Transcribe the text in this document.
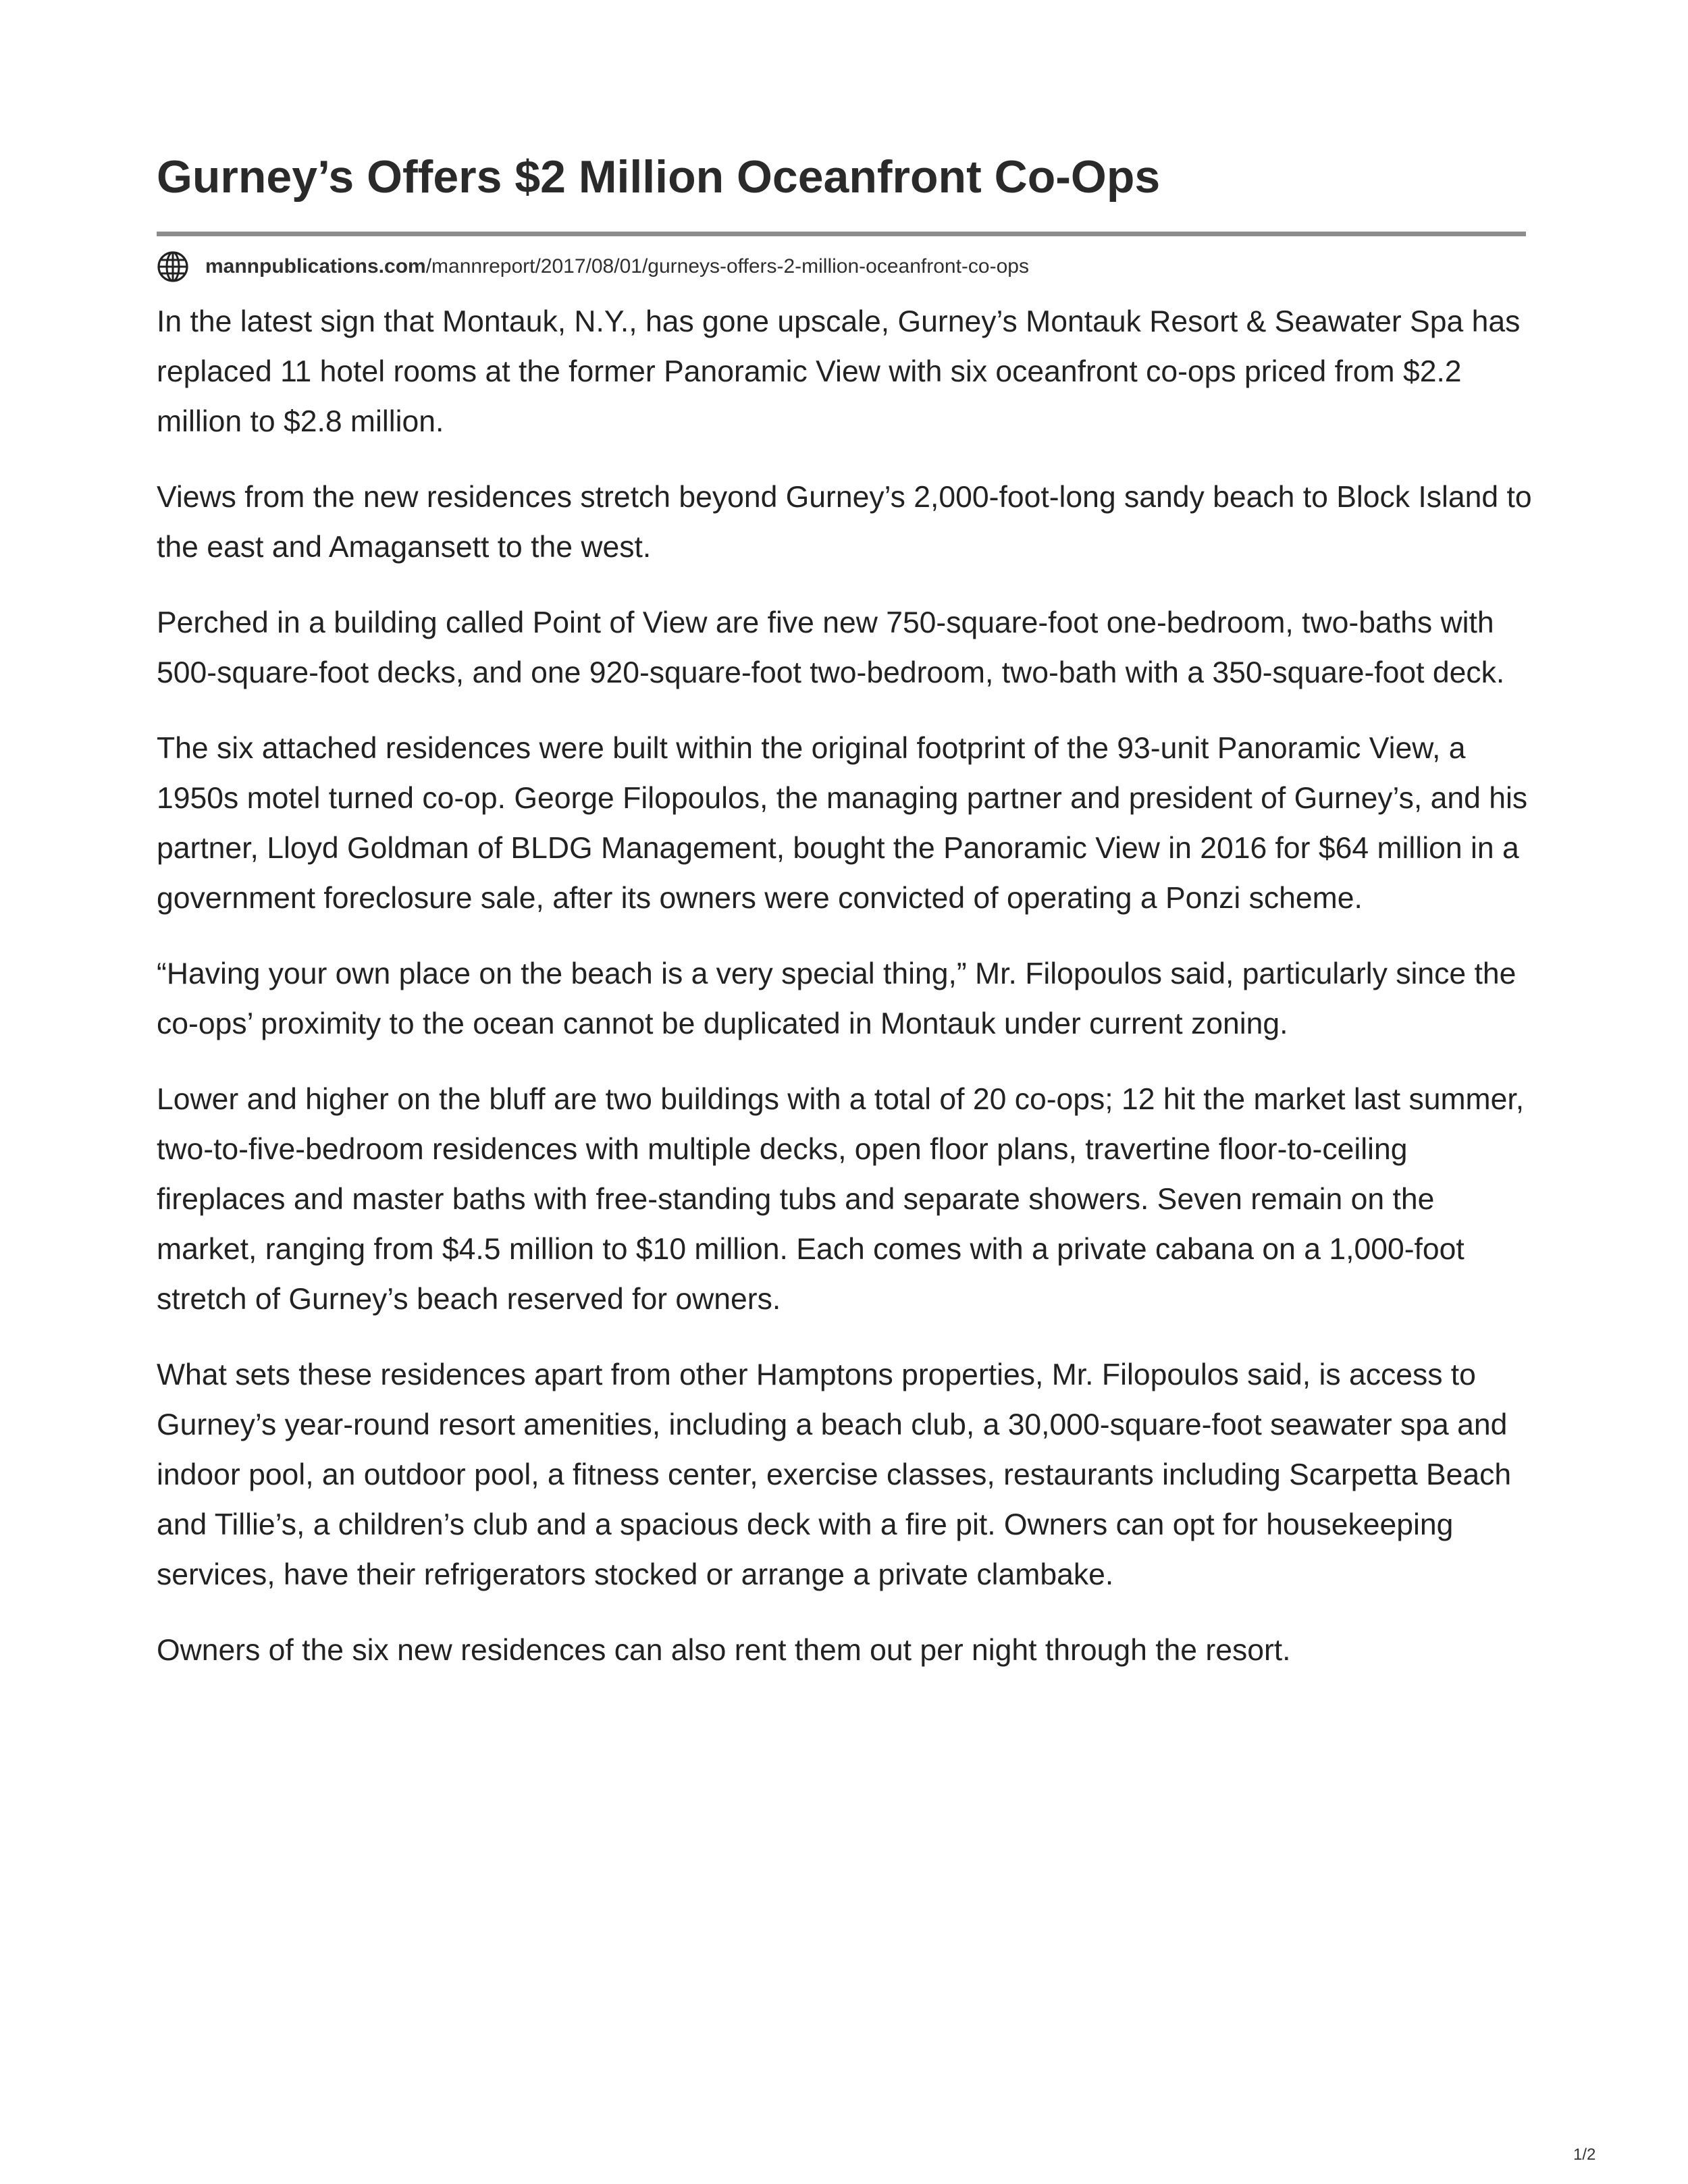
Gurney’s Offers $2 Million Oceanfront Co-Ops
mannpublications.com /mannreport/2017/08/01/gurneys-offers-2-million-oceanfront-co-ops

In the latest sign that Montauk, N.Y., has gone upscale, Gurney’s Montauk Resort & Seawater Spa has replaced 11 hotel rooms at the former Panoramic View with six oceanfront co-ops priced from $2.2 million to $2.8 million.

Views from the new residences stretch beyond Gurney’s 2,000-foot-long sandy beach to Block Island to the east and Amagansett to the west.

Perched in a building called Point of View are five new 750-square-foot one-bedroom, two-baths with 500-square-foot decks, and one 920-square-foot two-bedroom, two-bath with a 350-square-foot deck.

The six attached residences were built within the original footprint of the 93-unit Panoramic View, a 1950s motel turned co-op. George Filopoulos, the managing partner and president of Gurney’s, and his partner, Lloyd Goldman of BLDG Management, bought the Panoramic View in 2016 for $64 million in a government foreclosure sale, after its owners were convicted of operating a Ponzi scheme.

“Having your own place on the beach is a very special thing,” Mr. Filopoulos said, particularly since the co-ops’ proximity to the ocean cannot be duplicated in Montauk under current zoning.

Lower and higher on the bluff are two buildings with a total of 20 co-ops; 12 hit the market last summer, two-to-five-bedroom residences with multiple decks, open floor plans, travertine floor-to-ceiling fireplaces and master baths with free-standing tubs and separate showers. Seven remain on the market, ranging from $4.5 million to $10 million. Each comes with a private cabana on a 1,000-foot stretch of Gurney’s beach reserved for owners.

What sets these residences apart from other Hamptons properties, Mr. Filopoulos said, is access to Gurney’s year-round resort amenities, including a beach club, a 30,000-square-foot seawater spa and indoor pool, an outdoor pool, a fitness center, exercise classes, restaurants including Scarpetta Beach and Tillie’s, a children’s club and a spacious deck with a fire pit. Owners can opt for housekeeping services, have their refrigerators stocked or arrange a private clambake.

Owners of the six new residences can also rent them out per night through the resort.

1/2
